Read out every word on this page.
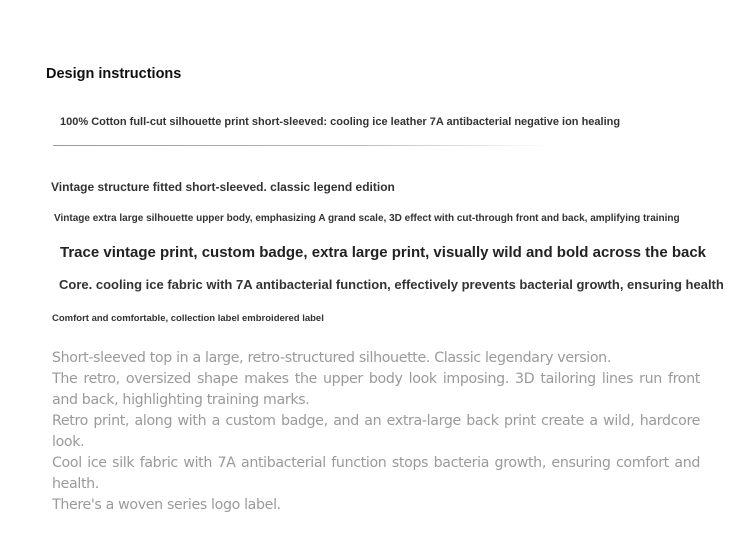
Design instructions
100% Cotton full-cut silhouette print short-sleeved: cooling ice leather 7A antibacterial negative ion healing
Vintage structure fitted short-sleeved. classic legend edition
Vintage extra large silhouette upper body, emphasizing A grand scale, 3D effect with cut-through front and back, amplifying training
Trace vintage print, custom badge, extra large print, visually wild and bold across the back
Core. cooling ice fabric with 7A antibacterial function, effectively prevents bacterial growth, ensuring health
Comfort and comfortable, collection label embroidered label

Short-sleeved top in a large, retro-structured silhouette. Classic legendary version.

The retro, oversized shape makes the upper body look imposing. 3D tailoring lines run front and back, highlighting training marks.

Retro print, along with a custom badge, and an extra-large back print create a wild, hardcore look.

Cool ice silk fabric with 7A antibacterial function stops bacteria growth, ensuring comfort and health.

There's a woven series logo label.
